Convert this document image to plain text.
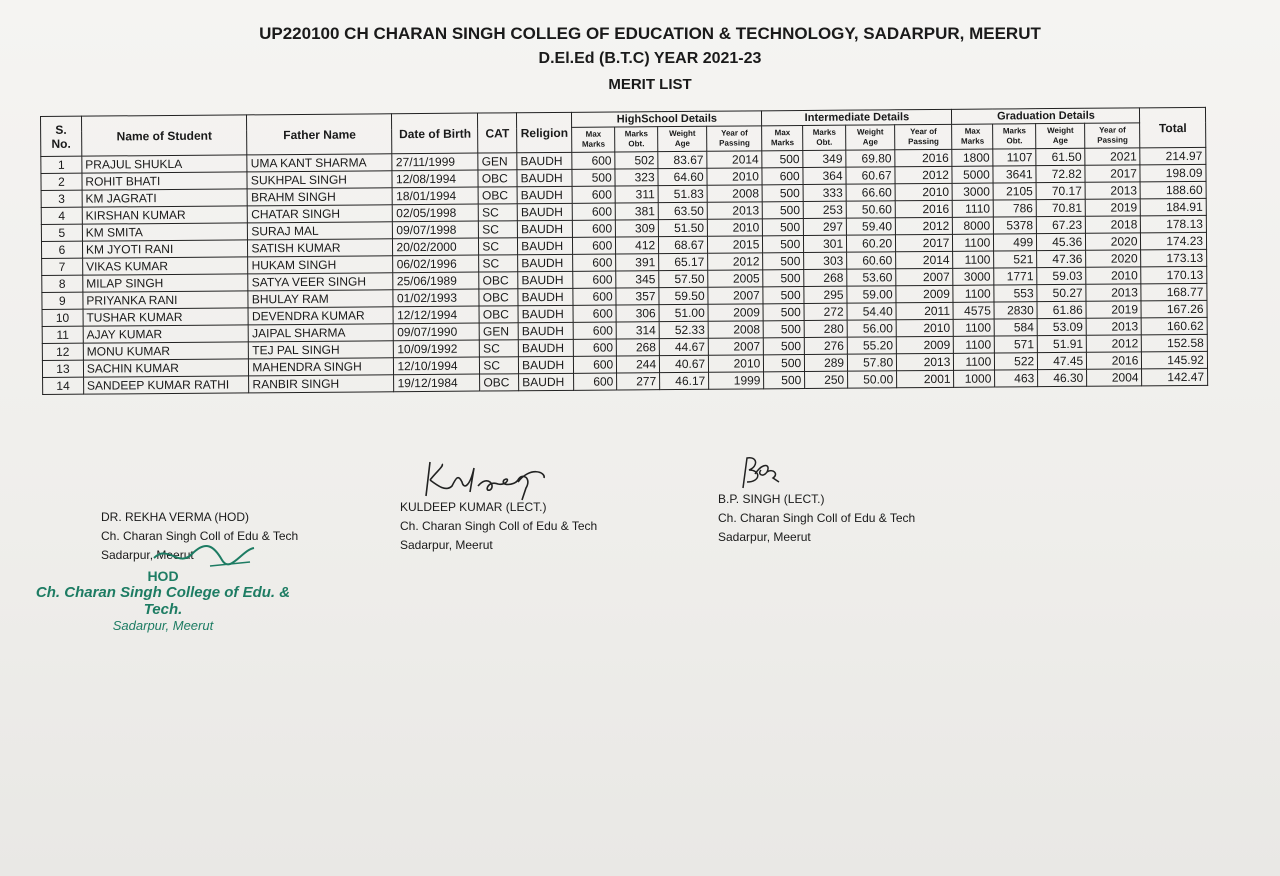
UP220100 CH CHARAN SINGH COLLEG OF EDUCATION & TECHNOLOGY, SADARPUR, MEERUT
D.El.Ed (B.T.C) YEAR 2021-23
MERIT LIST
S. No.	Name of Student	Father Name	Date of Birth	CAT	Religion	HighSchool Details				Intermediate Details				Graduation Details				Total
						Max Marks	Marks Obt.	Weight Age	Year of Passing	Max Marks	Marks Obt.	Weight Age	Year of Passing	Max Marks	Marks Obt.	Weight Age	Year of Passing	
1	PRAJUL SHUKLA	UMA KANT SHARMA	27/11/1999	GEN	BAUDH	600	502	83.67	2014	500	349	69.80	2016	1800	1107	61.50	2021	214.97
2	ROHIT BHATI	SUKHPAL SINGH	12/08/1994	OBC	BAUDH	500	323	64.60	2010	600	364	60.67	2012	5000	3641	72.82	2017	198.09
3	KM JAGRATI	BRAHM SINGH	18/01/1994	OBC	BAUDH	600	311	51.83	2008	500	333	66.60	2010	3000	2105	70.17	2013	188.60
4	KIRSHAN KUMAR	CHATAR SINGH	02/05/1998	SC	BAUDH	600	381	63.50	2013	500	253	50.60	2016	1110	786	70.81	2019	184.91
5	KM SMITA	SURAJ MAL	09/07/1998	SC	BAUDH	600	309	51.50	2010	500	297	59.40	2012	8000	5378	67.23	2018	178.13
6	KM JYOTI RANI	SATISH KUMAR	20/02/2000	SC	BAUDH	600	412	68.67	2015	500	301	60.20	2017	1100	499	45.36	2020	174.23
7	VIKAS KUMAR	HUKAM SINGH	06/02/1996	SC	BAUDH	600	391	65.17	2012	500	303	60.60	2014	1100	521	47.36	2020	173.13
8	MILAP SINGH	SATYA VEER SINGH	25/06/1989	OBC	BAUDH	600	345	57.50	2005	500	268	53.60	2007	3000	1771	59.03	2010	170.13
9	PRIYANKA RANI	BHULAY RAM	01/02/1993	OBC	BAUDH	600	357	59.50	2007	500	295	59.00	2009	1100	553	50.27	2013	168.77
10	TUSHAR KUMAR	DEVENDRA KUMAR	12/12/1994	OBC	BAUDH	600	306	51.00	2009	500	272	54.40	2011	4575	2830	61.86	2019	167.26
11	AJAY KUMAR	JAIPAL SHARMA	09/07/1990	GEN	BAUDH	600	314	52.33	2008	500	280	56.00	2010	1100	584	53.09	2013	160.62
12	MONU KUMAR	TEJ PAL SINGH	10/09/1992	SC	BAUDH	600	268	44.67	2007	500	276	55.20	2009	1100	571	51.91	2012	152.58
13	SACHIN KUMAR	MAHENDRA SINGH	12/10/1994	SC	BAUDH	600	244	40.67	2010	500	289	57.80	2013	1100	522	47.45	2016	145.92
14	SANDEEP KUMAR RATHI	RANBIR SINGH	19/12/1984	OBC	BAUDH	600	277	46.17	1999	500	250	50.00	2001	1000	463	46.30	2004	142.47
DR. REKHA VERMA (HOD)
Ch. Charan Singh Coll of Edu & Tech
Sadarpur, Meerut
HOD
Ch. Charan Singh College of Edu. & Tech.
Sadarpur, Meerut
KULDEEP KUMAR (LECT.)
Ch. Charan Singh Coll of Edu & Tech
Sadarpur, Meerut
B.P. SINGH (LECT.)
Ch. Charan Singh Coll of Edu & Tech
Sadarpur, Meerut
